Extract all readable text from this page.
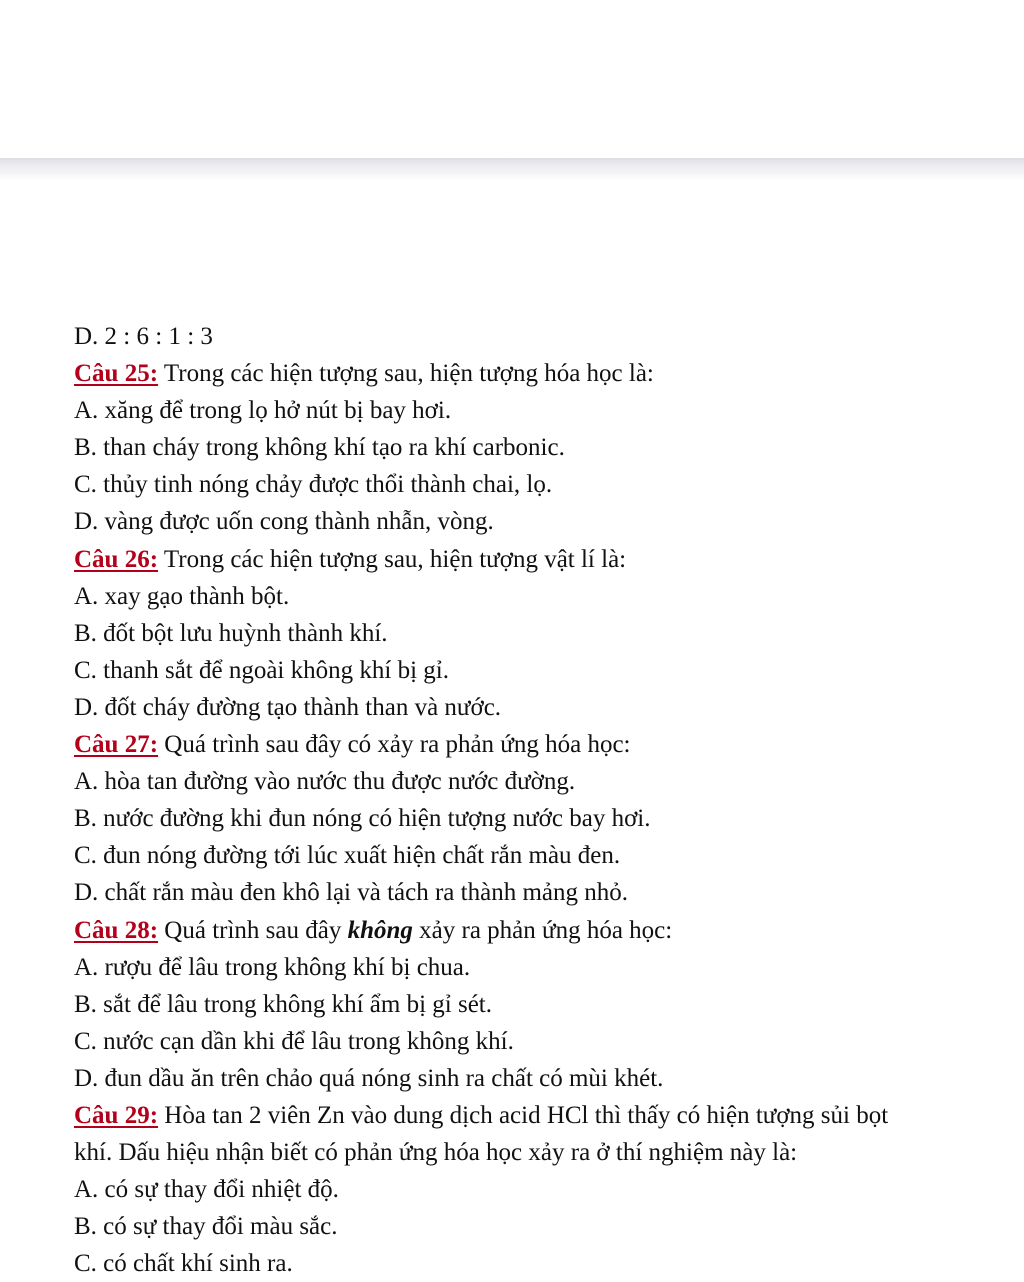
D. 2 : 6 : 1 : 3
Câu 25: Trong các hiện tượng sau, hiện tượng hóa học là:
A. xăng để trong lọ hở nút bị bay hơi.
B. than cháy trong không khí tạo ra khí carbonic.
C. thủy tinh nóng chảy được thổi thành chai, lọ.
D. vàng được uốn cong thành nhẫn, vòng.
Câu 26: Trong các hiện tượng sau, hiện tượng vật lí là:
A. xay gạo thành bột.
B. đốt bột lưu huỳnh thành khí.
C. thanh sắt để ngoài không khí bị gỉ.
D. đốt cháy đường tạo thành than và nước.
Câu 27: Quá trình sau đây có xảy ra phản ứng hóa học:
A. hòa tan đường vào nước thu được nước đường.
B. nước đường khi đun nóng có hiện tượng nước bay hơi.
C. đun nóng đường tới lúc xuất hiện chất rắn màu đen.
D. chất rắn màu đen khô lại và tách ra thành mảng nhỏ.
Câu 28: Quá trình sau đây không xảy ra phản ứng hóa học:
A. rượu để lâu trong không khí bị chua.
B. sắt để lâu trong không khí ẩm bị gỉ sét.
C. nước cạn dần khi để lâu trong không khí.
D. đun dầu ăn trên chảo quá nóng sinh ra chất có mùi khét.
Câu 29: Hòa tan 2 viên Zn vào dung dịch acid HCl thì thấy có hiện tượng sủi bọt
khí. Dấu hiệu nhận biết có phản ứng hóa học xảy ra ở thí nghiệm này là:
A. có sự thay đổi nhiệt độ.
B. có sự thay đổi màu sắc.
C. có chất khí sinh ra.
